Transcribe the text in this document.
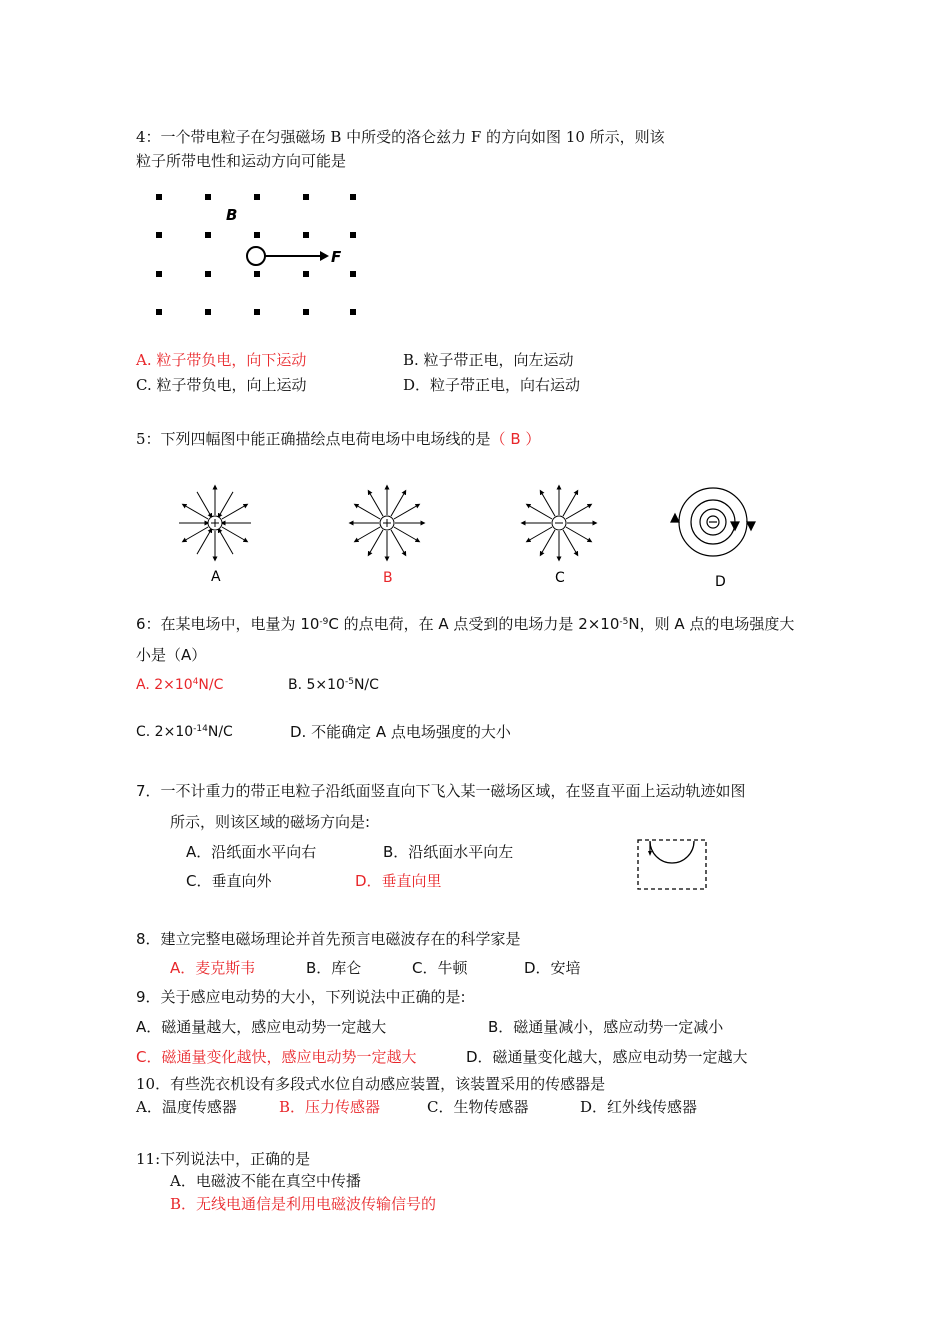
4：一个带电粒子在匀强磁场 B 中所受的洛仑兹力 F 的方向如图 10 所示，则该
粒子所带电性和运动方向可能是
B
F
A. 粒子带负电，向下运动	B. 粒子带正电，向左运动
C. 粒子带负电，向上运动	D．粒子带正电，向右运动
5：下列四幅图中能正确描绘点电荷电场中电场线的是（ B ）
A	B	C	D
6：在某电场中，电量为 $10^{-9}C$ 的点电荷，在 A 点受到的电场力是 $2\times 10^{-5}N$，则 A 点的电场强度大
小是（A）
A. $2\times 10^4N/C$	B. $5\times 10^{-5}N/C$
C. $2\times 10^{-14}N/C$	D. 不能确定 A 点电场强度的大小
7．一不计重力的带正电粒子沿纸面竖直向下飞入某一磁场区域，在竖直平面上运动轨迹如图
所示，则该区域的磁场方向是:
A．沿纸面水平向右	B．沿纸面水平向左
C．垂直向外	D．垂直向里
8．建立完整电磁场理论并首先预言电磁波存在的科学家是
A．麦克斯韦	B．库仑	C．牛顿	D．安培
9．关于感应电动势的大小，下列说法中正确的是:
A．磁通量越大，感应电动势一定越大	B．磁通量减小，感应动势一定减小
C．磁通量变化越快，感应电动势一定越大	D．磁通量变化越大，感应电动势一定越大
10．有些洗衣机设有多段式水位自动感应装置，该装置采用的传感器是
A．温度传感器	B．压力传感器	C．生物传感器	D．红外线传感器
11:下列说法中，正确的是
A．电磁波不能在真空中传播
B．无线电通信是利用电磁波传输信号的
